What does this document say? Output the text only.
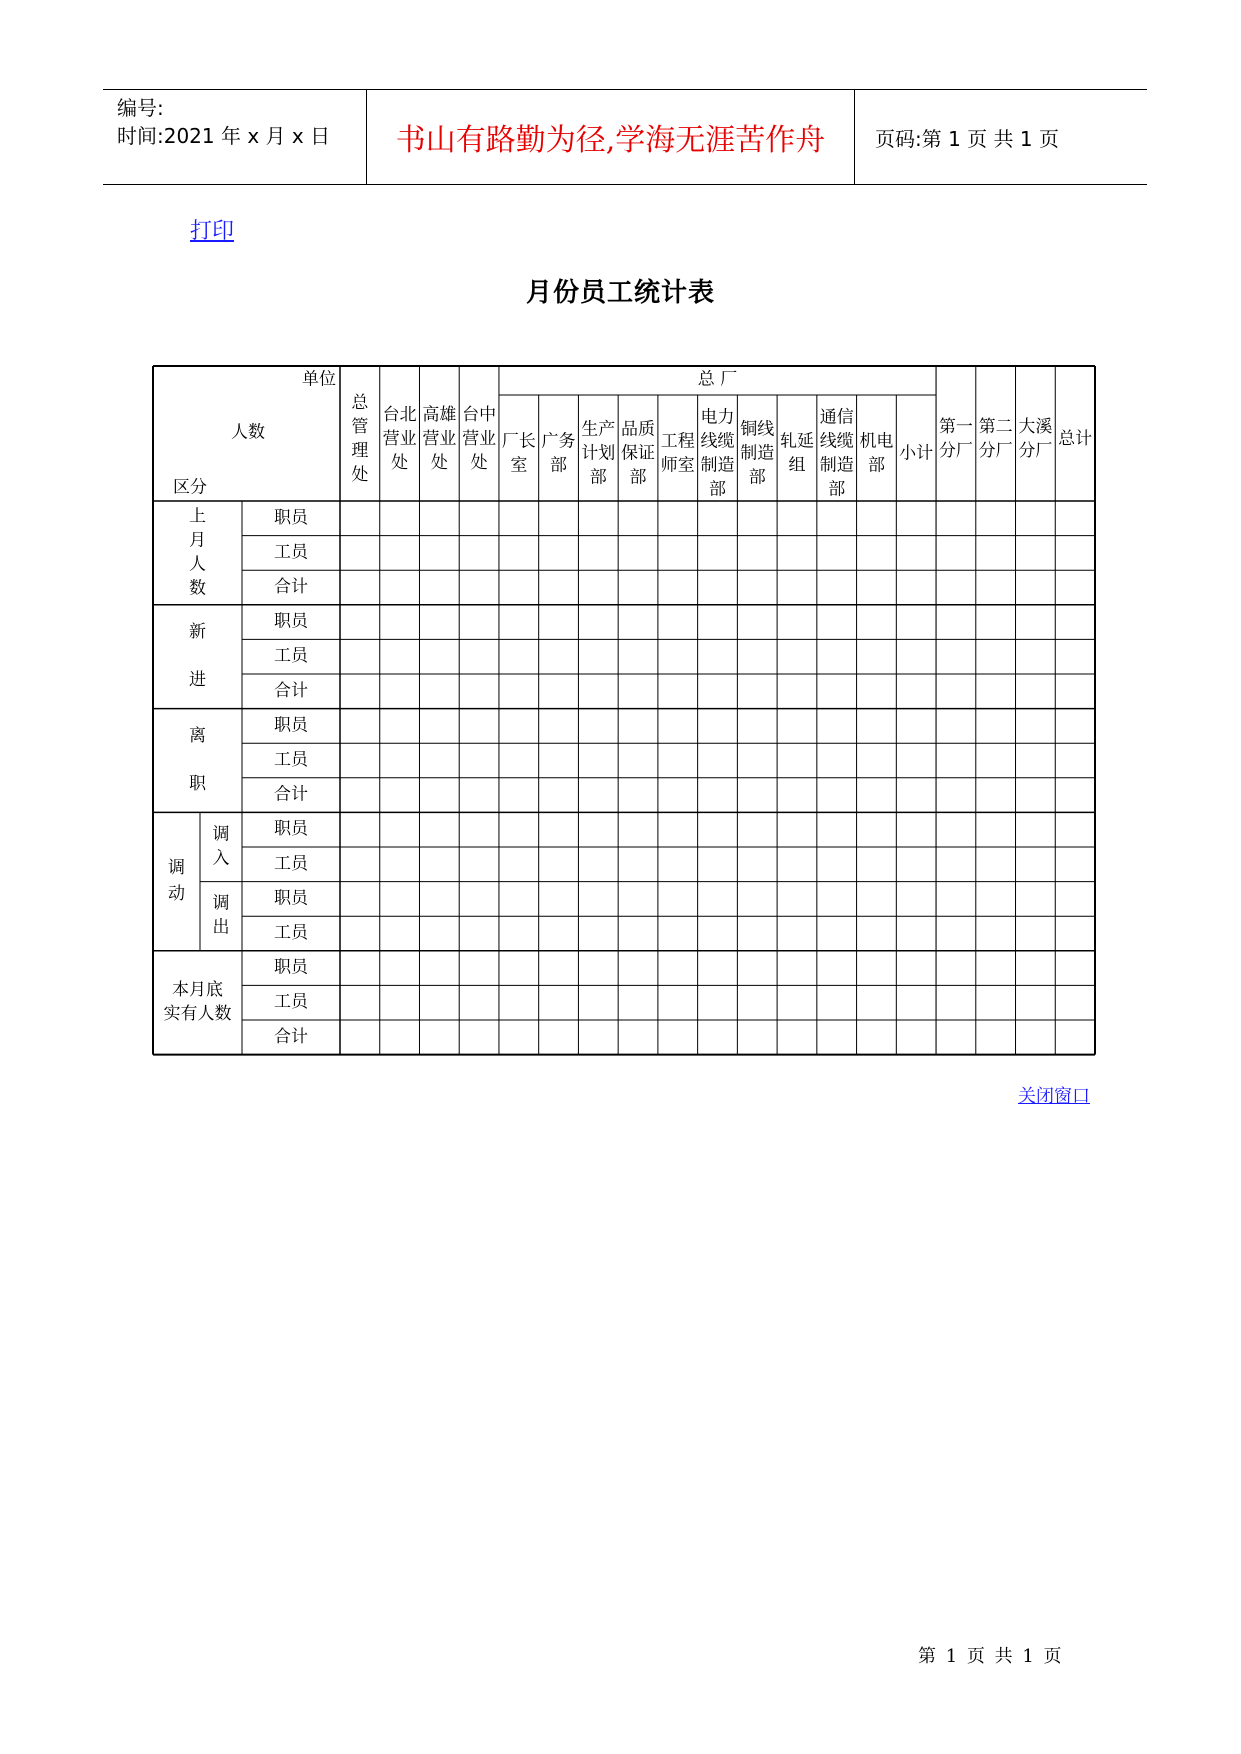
编号:
时间:2021 年 x 月 x 日	书山有路勤为径,学海无涯苦作舟	页码:第 1 页 共 1 页
打印
月份员工统计表
单位
人数
区分
总
管
理
处
台北
营业
处
高雄
营业
处
台中
营业
处
厂长
室
广务
部
生产
计划
部
品质
保证
部
工程
师室
电力
线缆
制造
部
铜线
制造
部
轧延
组
通信
线缆
制造
部
机电
部
小计
第一
分厂
第二
分厂
大溪
分厂
总计
总 厂
职员
工员
合计
上
月
人
数
职员
工员
合计
新
进
职员
工员
合计
离
职
调
入
职员
工员
调
出
职员
工员
调
动
职员
工员
合计
本月底
实有人数
关闭窗口
第 1 页 共 1 页
